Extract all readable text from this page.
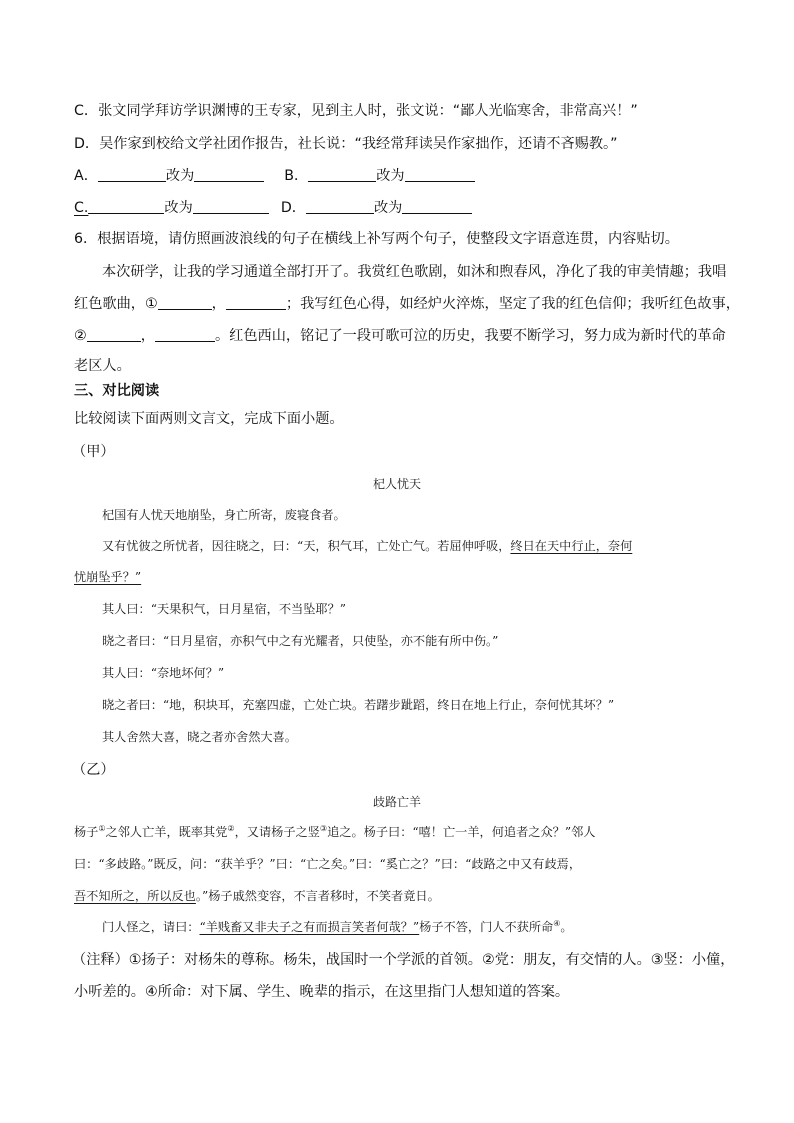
C．张文同学拜访学识渊博的王专家，见到主人时，张文说：“鄙人光临寒舍，非常高兴！”
D．吴作家到校给文学社团作报告，社长说：“我经常拜读吴作家拙作，还请不吝赐教。”
A．	改为	B．	改为
C.	改为	D．	改为
6．根据语境，请仿照画波浪线的句子在横线上补写两个句子，使整段文字语意连贯，内容贴切。
本次研学，让我的学习通道全部打开了。我赏红色歌剧，如沐和煦春风，净化了我的审美情趣；我唱
红色歌曲，①	，	；我写红色心得，如经炉火淬炼，坚定了我的红色信仰；我听红色故事，
②	，	。红色西山，铭记了一段可歌可泣的历史，我要不断学习，努力成为新时代的革命
老区人。
三、对比阅读
比较阅读下面两则文言文，完成下面小题。
（甲）
杞人忧天
杞国有人忧天地崩坠，身亡所寄，废寝食者。
又有忧彼之所忧者，因往晓之，曰：“天，积气耳，亡处亡气。若屈伸呼吸，终日在天中行止，奈何
忧崩坠乎？”
其人曰：“天果积气，日月星宿，不当坠耶？”
晓之者曰：“日月星宿，亦积气中之有光耀者，只使坠，亦不能有所中伤。”
其人曰：“奈地坏何？”
晓之者曰：“地，积块耳，充塞四虚，亡处亡块。若躇步跐蹈，终日在地上行止，奈何忧其坏？”
其人舍然大喜，晓之者亦舍然大喜。
（乙）
歧路亡羊
杨子①之邻人亡羊，既率其党②，又请杨子之竖③追之。杨子曰：“嘻！亡一羊，何追者之众？”邻人
曰：“多歧路。”既反，问：“获羊乎？”曰：“亡之矣。”曰：“奚亡之？”曰：“歧路之中又有歧焉，
吾不知所之，所以反也。”杨子戚然变容，不言者移时，不笑者竟日。
门人怪之，请曰：“羊贱畜又非夫子之有而损言笑者何哉？”杨子不答，门人不获所命④。
（注释）①扬子：对杨朱的尊称。杨朱，战国时一个学派的首领。②党：朋友，有交情的人。③竖：小僮，
小听差的。④所命：对下属、学生、晚辈的指示，在这里指门人想知道的答案。
